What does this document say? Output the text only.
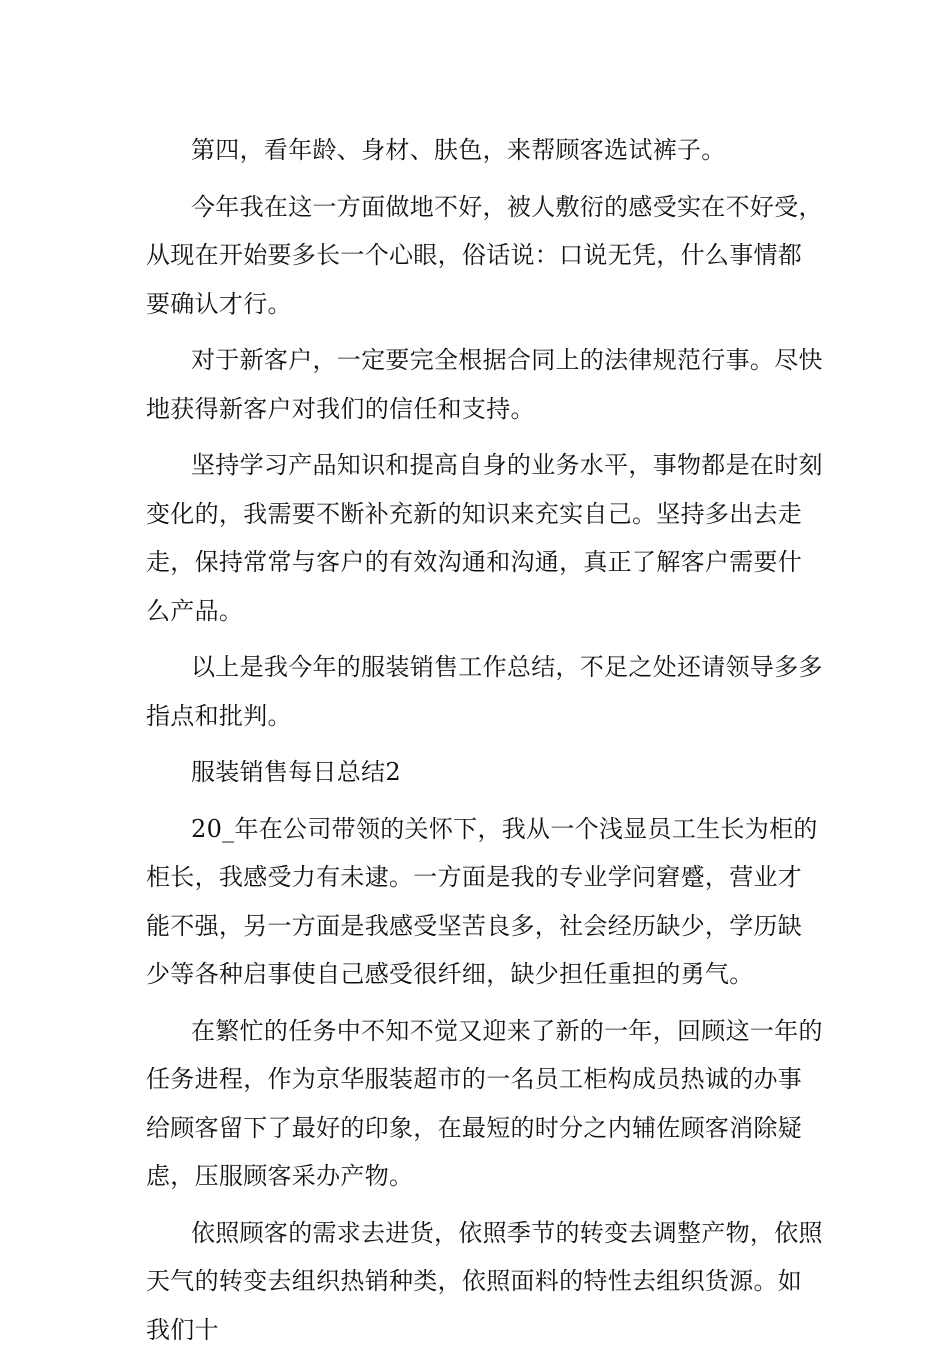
第四，看年龄、身材、肤色，来帮顾客选试裤子。

今年我在这一方面做地不好，被人敷衍的感受实在不好受，从现在开始要多长一个心眼，俗话说：口说无凭，什么事情都要确认才行。

对于新客户，一定要完全根据合同上的法律规范行事。尽快地获得新客户对我们的信任和支持。

坚持学习产品知识和提高自身的业务水平，事物都是在时刻变化的，我需要不断补充新的知识来充实自己。坚持多出去走走，保持常常与客户的有效沟通和沟通，真正了解客户需要什么产品。

以上是我今年的服装销售工作总结，不足之处还请领导多多指点和批判。

服装销售每日总结2

20_年在公司带领的关怀下，我从一个浅显员工生长为柜的柜长，我感受力有未逮。一方面是我的专业学问窘蹙，营业才能不强，另一方面是我感受坚苦良多，社会经历缺少，学历缺少等各种启事使自己感受很纤细，缺少担任重担的勇气。

在繁忙的任务中不知不觉又迎来了新的一年，回顾这一年的任务进程，作为京华服装超市的一名员工柜构成员热诚的办事给顾客留下了最好的印象，在最短的时分之内辅佐顾客消除疑虑，压服顾客采办产物。

依照顾客的需求去进货，依照季节的转变去调整产物，依照天气的转变去组织热销种类，依照面料的特性去组织货源。如我们十
